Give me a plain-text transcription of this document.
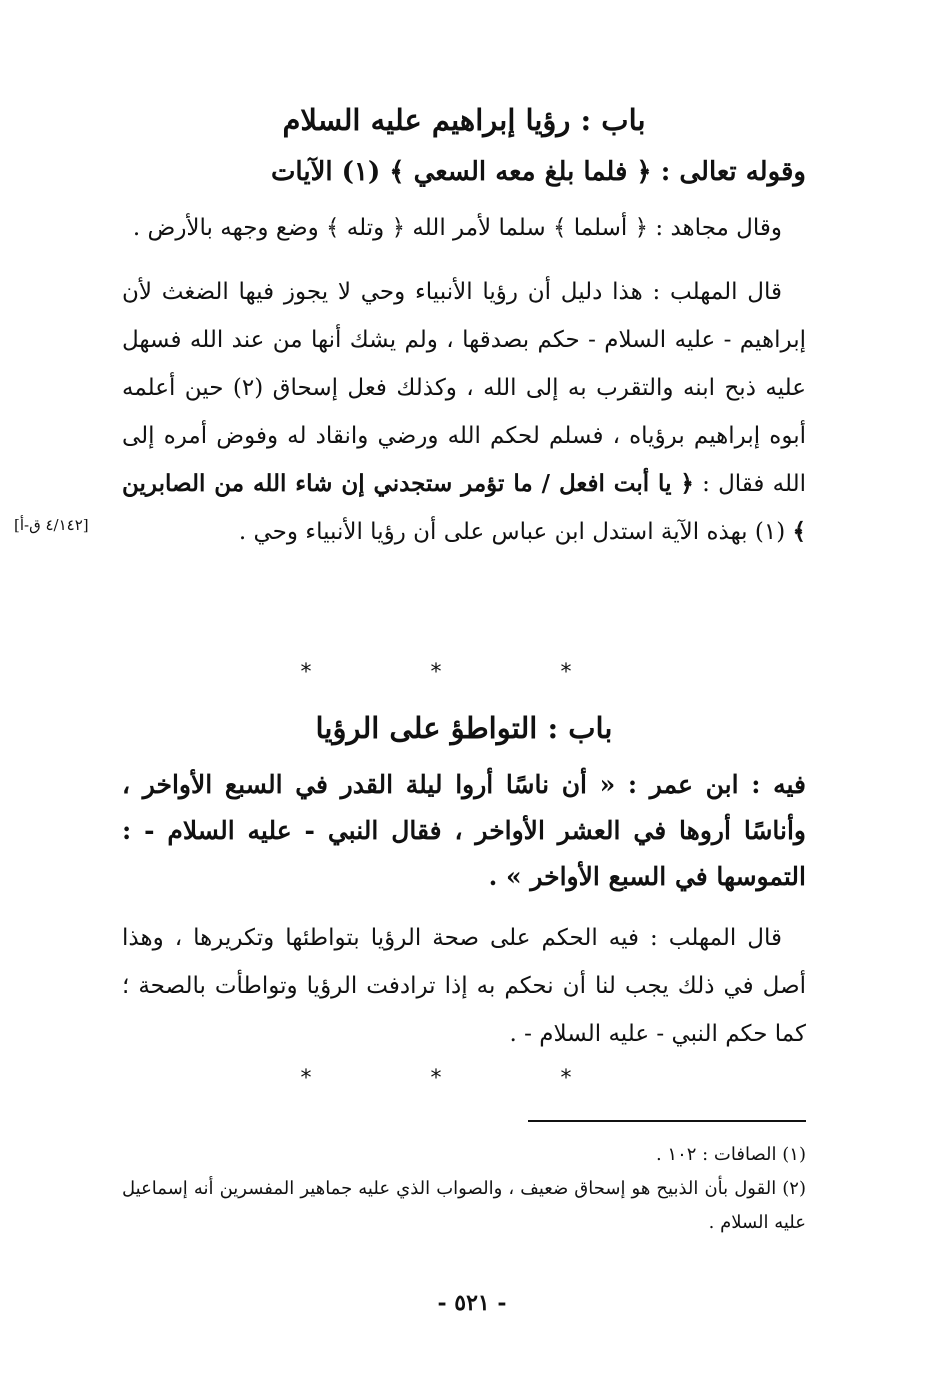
باب : رؤيا إبراهيم عليه السلام

وقوله تعالى : ﴿ فلما بلغ معه السعي ﴾ (١) الآيات

وقال مجاهد : ﴿ أسلما ﴾ سلما لأمر الله ﴿ وتله ﴾ وضع وجهه بالأرض .

قال المهلب : هذا دليل أن رؤيا الأنبياء وحي لا يجوز فيها الضغث لأن إبراهيم - عليه السلام - حكم بصدقها ، ولم يشك أنها من عند الله فسهل عليه ذبح ابنه والتقرب به إلى الله ، وكذلك فعل إسحاق (٢) حين أعلمه أبوه إبراهيم برؤياه ، فسلم لحكم الله ورضي وانقاد له وفوض أمره إلى الله فقال : ﴿ يا أبت افعل / ما تؤمر ستجدني إن شاء الله من الصابرين ﴾ (١) بهذه الآية استدل ابن عباس على أن رؤيا الأنبياء وحي .

[٤/١٤٢ ق-أ]
* * *
باب : التواطؤ على الرؤيا

فيه : ابن عمر : « أن ناسًا أروا ليلة القدر في السبع الأواخر ، وأناسًا أروها في العشر الأواخر ، فقال النبي - عليه السلام - : التموسها في السبع الأواخر » .

قال المهلب : فيه الحكم على صحة الرؤيا بتواطئها وتكريرها ، وهذا أصل في ذلك يجب لنا أن نحكم به إذا ترادفت الرؤيا وتواطأت بالصحة ؛ كما حكم النبي - عليه السلام - .

* * *

(١) الصافات : ١٠٢ .

(٢) القول بأن الذبيح هو إسحاق ضعيف ، والصواب الذي عليه جماهير المفسرين أنه إسماعيل عليه السلام .

- ٥٢١ -
